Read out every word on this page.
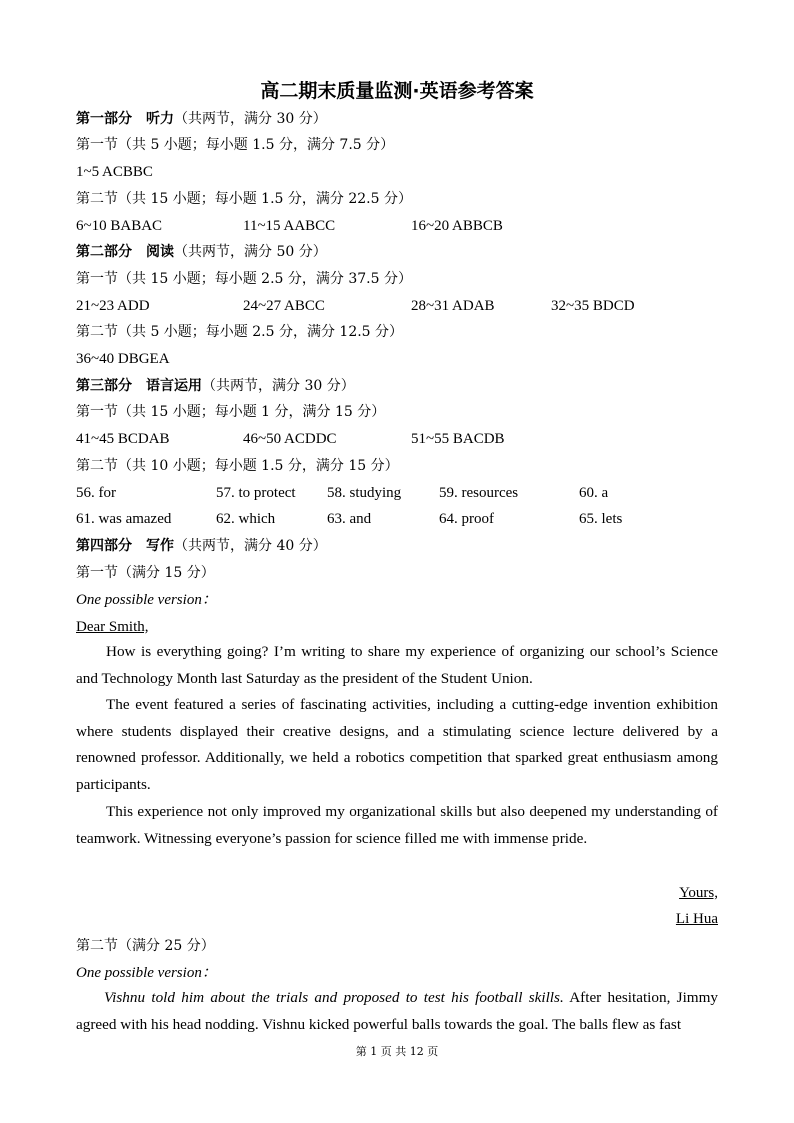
高二期末质量监测·英语参考答案
第一部分　听力（共两节，满分 30 分）
第一节（共 5 小题；每小题 1.5 分，满分 7.5 分）
1~5 ACBBC
第二节（共 15 小题；每小题 1.5 分，满分 22.5 分）
6~10 BABAC	11~15 AABCC	16~20 ABBCB
第二部分　阅读（共两节，满分 50 分）
第一节（共 15 小题；每小题 2.5 分，满分 37.5 分）
21~23 ADD	24~27 ABCC	28~31 ADAB	32~35 BDCD
第二节（共 5 小题；每小题 2.5 分，满分 12.5 分）
36~40 DBGEA
第三部分　语言运用（共两节，满分 30 分）
第一节（共 15 小题；每小题 1 分，满分 15 分）
41~45 BCDAB	46~50 ACDDC	51~55 BACDB
第二节（共 10 小题；每小题 1.5 分，满分 15 分）
56. for	57. to protect 58. studying	59. resources	60. a
61. was amazed	62. which	63. and	64. proof	65. lets
第四部分　写作（共两节，满分 40 分）
第一节（满分 15 分）
One possible version：
Dear Smith,
How is everything going? I’m writing to share my experience of organizing our school’s Science and Technology Month last Saturday as the president of the Student Union.
The event featured a series of fascinating activities, including a cutting-edge invention exhibition where students displayed their creative designs, and a stimulating science lecture delivered by a renowned professor. Additionally, we held a robotics competition that sparked great enthusiasm among participants.
This experience not only improved my organizational skills but also deepened my understanding of teamwork. Witnessing everyone’s passion for science filled me with immense pride.
Yours,
Li Hua
第二节（满分 25 分）
One possible version：
Vishnu told him about the trials and proposed to test his football skills. After hesitation, Jimmy agreed with his head nodding. Vishnu kicked powerful balls towards the goal. The balls flew as fast
第 1 页 共 12 页
